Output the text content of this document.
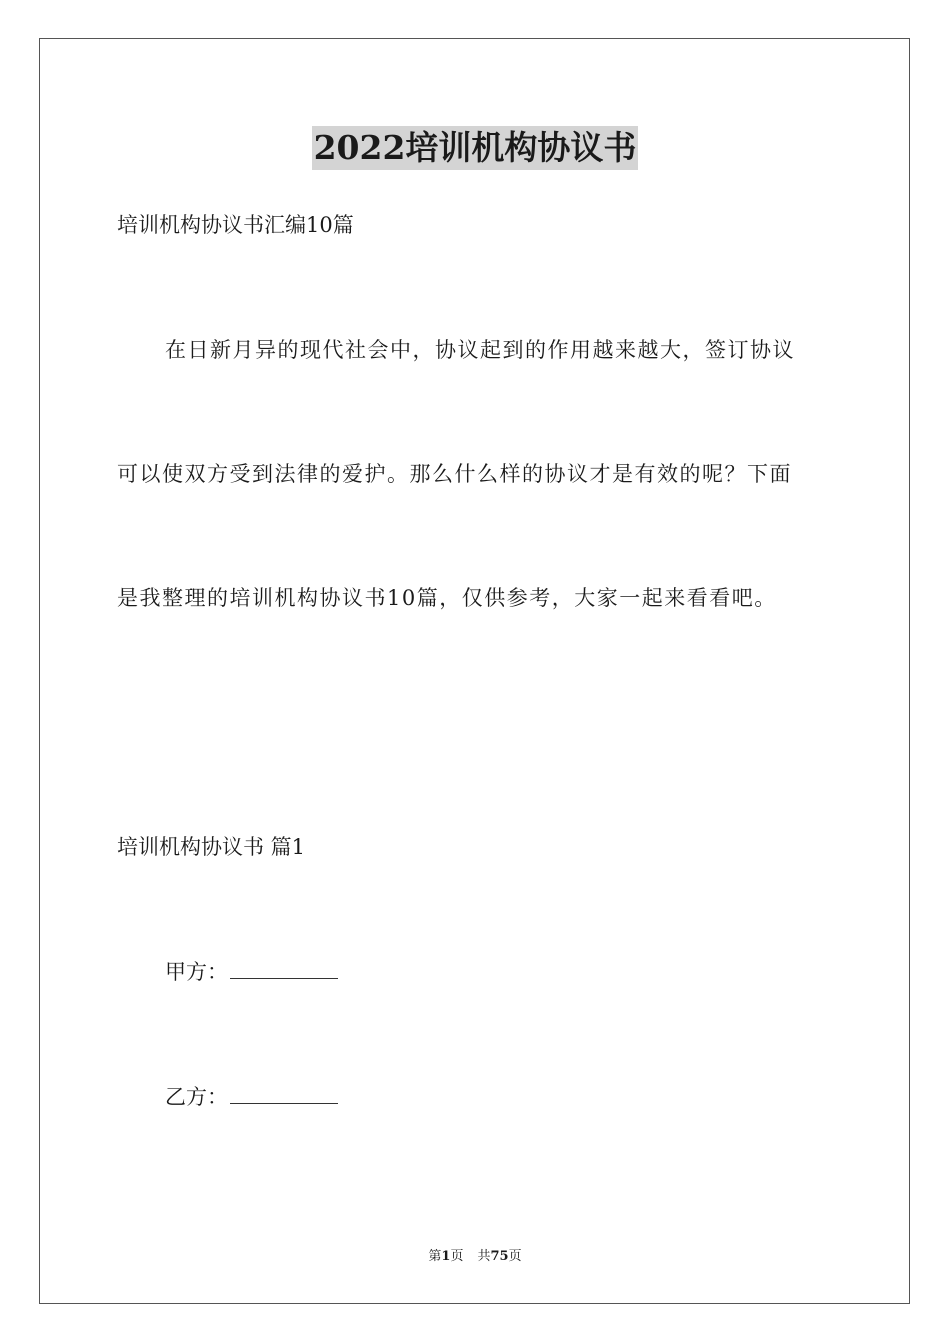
2022培训机构协议书
培训机构协议书汇编10篇
在日新月异的现代社会中，协议起到的作用越来越大，签订协议
可以使双方受到法律的爱护。那么什么样的协议才是有效的呢？下面
是我整理的培训机构协议书10篇，仅供参考，大家一起来看看吧。
培训机构协议书 篇1
甲方：
乙方：
第1页 共75页
